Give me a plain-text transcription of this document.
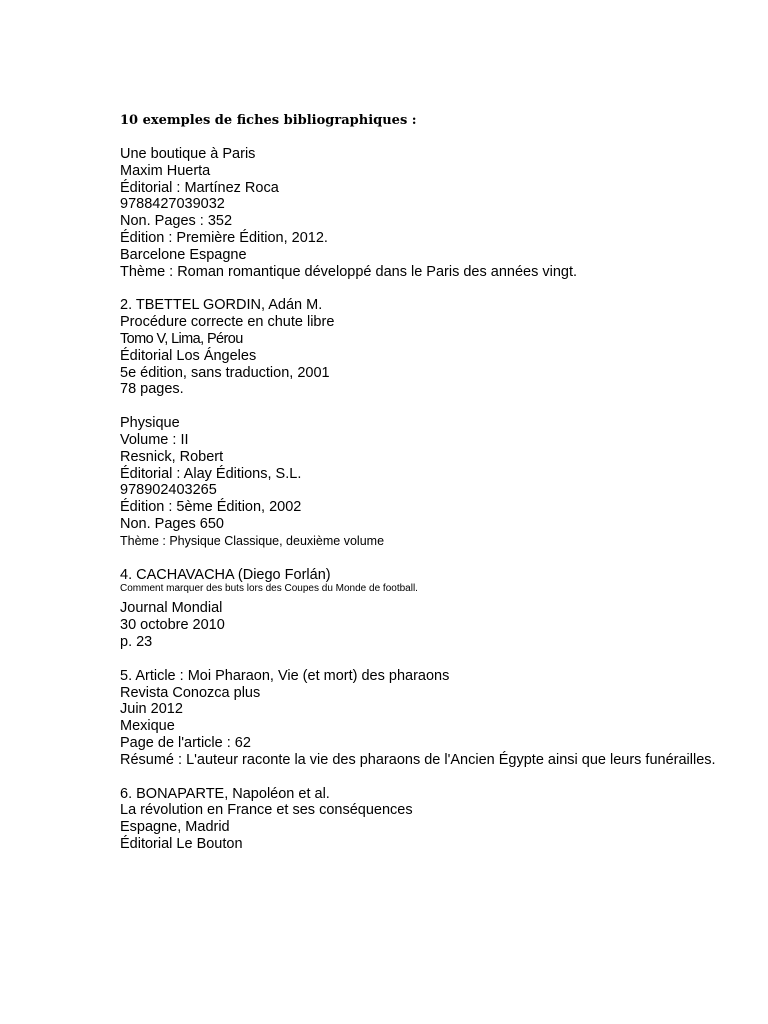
10 exemples de fiches bibliographiques :
Une boutique à Paris
Maxim Huerta
Éditorial : Martínez Roca
9788427039032
Non. Pages : 352
Édition : Première Édition, 2012.
Barcelone Espagne
Thème : Roman romantique développé dans le Paris des années vingt.
2. TBETTEL GORDIN, Adán M.
Procédure correcte en chute libre
Tomo V, Lima, Pérou
Éditorial Los Ángeles
5e édition, sans traduction, 2001
78 pages.
Physique
Volume : II
Resnick, Robert
Éditorial : Alay Éditions, S.L.
978902403265
Édition : 5ème Édition, 2002
Non. Pages 650
Thème : Physique Classique, deuxième volume
4. CACHAVACHA (Diego Forlán)
Comment marquer des buts lors des Coupes du Monde de football.
Journal Mondial
30 octobre 2010
p. 23
5. Article : Moi Pharaon, Vie (et mort) des pharaons
Revista Conozca plus
Juin 2012
Mexique
Page de l'article : 62
Résumé : L'auteur raconte la vie des pharaons de l'Ancien Égypte ainsi que leurs funérailles.
6. BONAPARTE, Napoléon et al.
La révolution en France et ses conséquences
Espagne, Madrid
Éditorial Le Bouton
